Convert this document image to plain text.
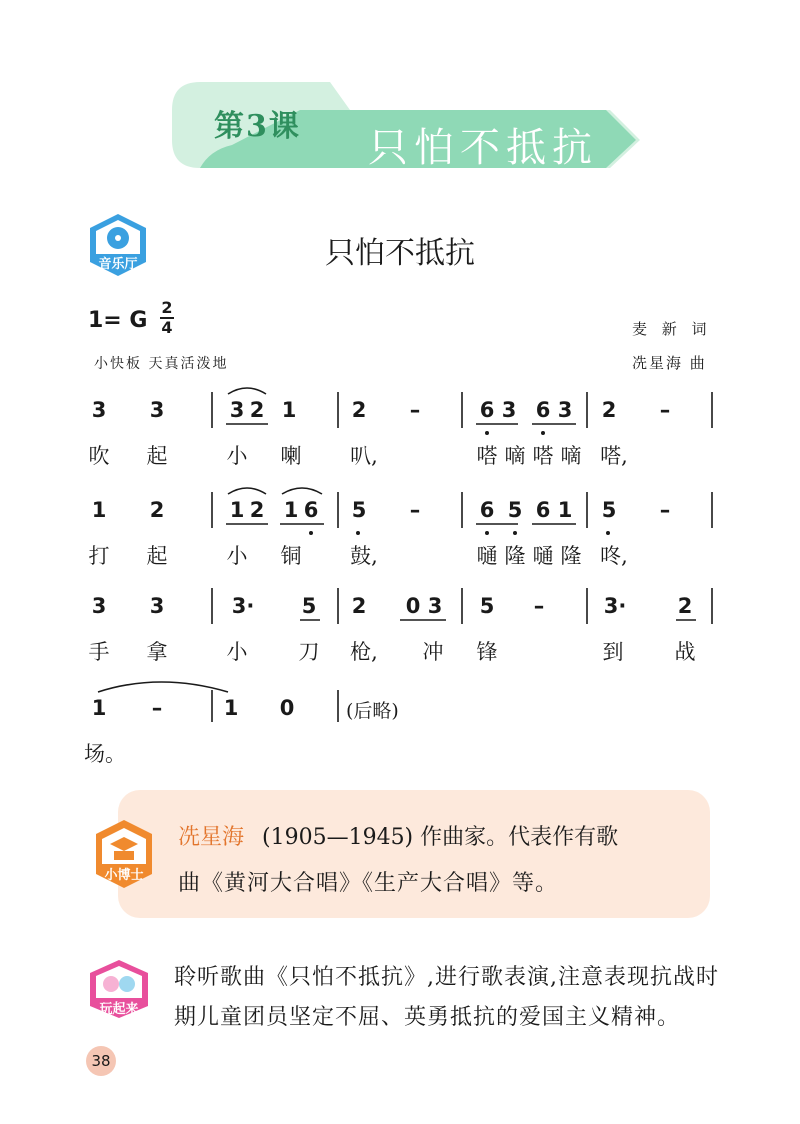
第3课 只怕不抵抗
音乐厅	只怕不抵抗
1= G
2
4	麦 新 词
冼星海 曲
小快板 天真活泼地
3 3	3 2 1	2 –	6 3 6 3 2 –
吹 起	小 喇 叭,	嗒 嘀 嗒 嘀 嗒,
1 2	1 2 1 6 5 –	6 5 6 1 5 –
打 起	小 铜 鼓,	嗵 隆 嗵 隆 咚,
3 3	3· 5 2 0 3 5 –	3· 2
手 拿	小 刀 枪, 冲 锋	到 战
1 –	1 0	(后略)
场。
小博士
冼星海 (1905—1945) 作曲家。代表作有歌
曲《黄河大合唱》《生产大合唱》等。
玩起来
聆听歌曲《只怕不抵抗》,进行歌表演,注意表现抗战时期儿童团员坚定不屈、英勇抵抗的爱国主义精神。
38
